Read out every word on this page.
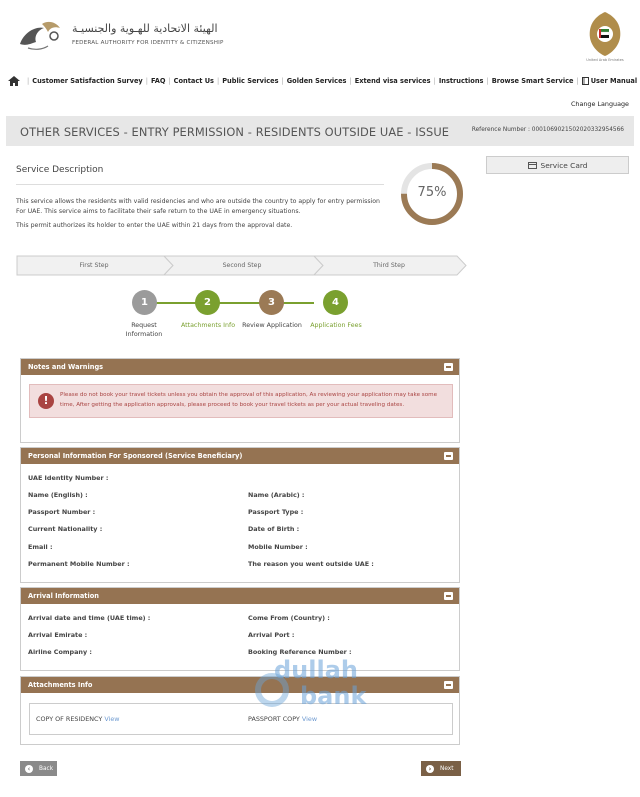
الهيئة الاتحادية للهـوية والجنسيـة
FEDERAL AUTHORITY FOR IDENTITY & CITIZENSHIP
United Arab Emirates
| Customer Satisfaction Survey | FAQ | Contact Us | Public Services | Golden Services | Extend visa services | Instructions | Browse Smart Service | User Manual
Change Language
OTHER SERVICES - ENTRY PERMISSION - RESIDENTS OUTSIDE UAE - ISSUE	Reference Number : 0001069021502020332954566
Service Description
This service allows the residents with valid residencies and who are outside the country to apply for entry permission For UAE. This service aims to facilitate their safe return to the UAE in emergency situations.
This permit authorizes its holder to enter the UAE within 21 days from the approval date.
75%
Service Card
First Step	Second Step	Third Step
1	2	3	4
Request Information
Attachments Info	Review Application	Application Fees
Notes and Warnings
!	Please do not book your travel tickets unless you obtain the approval of this application, As reviewing your application may take some time, After getting the application approvals, please proceed to book your travel tickets as per your actual traveling dates.
Personal Information For Sponsored (Service Beneficiary)
UAE Identity Number :
Name (English) :	Name (Arabic) :
Passport Number :	Passport Type :
Current Nationality :	Date of Birth :
Email :	Mobile Number :
Permanent Mobile Number :	The reason you went outside UAE :
Arrival Information
Arrival date and time (UAE time) :	Come From (Country) :
Arrival Emirate :	Arrival Port :
Airline Company :	Booking Reference Number :
Attachments Info
COPY OF RESIDENCY View	PASSPORT COPY View
dullah
bank
‹	Back	›	Next
